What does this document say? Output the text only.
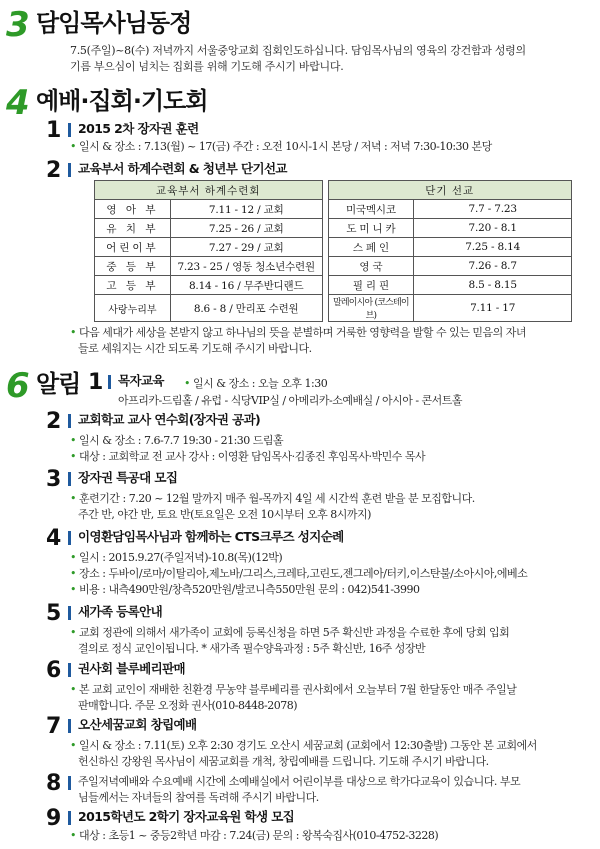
3 담임목사님동정
7.5(주일)~8(수) 저녁까지 서울중앙교회 집회인도하십니다. 담임목사님의 영육의 강건함과 성령의
기름 부으심이 넘치는 집회를 위해 기도해 주시기 바랍니다.
4 예배·집회·기도회
1 2015 2차 장자권 훈련
• 일시 & 장소 : 7.13(월) ~ 17(금) 주간 : 오전 10시-1시 본당 / 저녁 : 저녁 7:30-10:30 본당
2 교육부서 하계수련회 & 청년부 단기선교
교육부서 하계수련회			단기 선교	
영 아 부	7.11 - 12 / 교회		미국멕시코	7.7 - 7.23
유 치 부	7.25 - 26 / 교회		도 미 니 카	7.20 - 8.1
어린이부	7.27 - 29 / 교회		스 페 인	7.25 - 8.14
중 등 부	7.23 - 25 / 영동 청소년수련원		영 국	7.26 - 8.7
고 등 부	8.14 - 16 / 무주반디랜드		필 리 핀	8.5 - 8.15
사랑누리부	8.6 - 8 / 만리포 수련원		말레이시아 (코스테이브)	7.11 - 17
• 다음 세대가 세상을 본받지 않고 하나님의 뜻을 분별하며 거룩한 영향력을 발할 수 있는 믿음의 자녀
들로 세워지는 시간 되도록 기도해 주시기 바랍니다.
6 알림 1 목자교육 • 일시 & 장소 : 오늘 오후 1:30
아프리카-드림홀 / 유럽 - 식당VIP실 / 아메리카-소예배실 / 아시아 - 콘서트홀
2 교회학교 교사 연수회(장자권 공과)
• 일시 & 장소 : 7.6-7.7 19:30 - 21:30 드림홀
• 대상 : 교회학교 전 교사 강사 : 이영환 담임목사·김종진 후임목사·박민수 목사
3 장자권 특공대 모집
• 훈련기간 : 7.20 ~ 12월 말까지 매주 월-목까지 4일 세 시간씩 훈련 받을 분 모집합니다.
주간 반, 야간 반, 토요 반(토요일은 오전 10시부터 오후 8시까지)
4 이영환담임목사님과 함께하는 CTS크루즈 성지순례
• 일시 : 2015.9.27(주일저녁)-10.8(목)(12박)
• 장소 : 두바이/로마/이탈리아,제노바/그리스,크레타,고린도,젠그레아/터키,이스탄불/소아시아,에베소
• 비용 : 내측490만원/창측520만원/발코니측550만원 문의 : 042)541-3990
5 새가족 등록안내
• 교회 정관에 의해서 새가족이 교회에 등록신청을 하면 5주 확신반 과정을 수료한 후에 당회 입회
결의로 정식 교인이됩니다. * 새가족 필수양육과정 : 5주 확신반, 16주 성장반
6 권사회 블루베리판매
• 본 교회 교인이 재배한 친환경 무농약 블루베리를 권사회에서 오늘부터 7월 한달동안 매주 주일날
판매합니다. 주문 오정화 권사(010-8448-2078)
7 오산세꿈교회 창립예배
• 일시 & 장소 : 7.11(토) 오후 2:30 경기도 오산시 세꿈교회 (교회에서 12:30출발) 그동안 본 교회에서
헌신하신 강왕원 목사님이 세꿈교회를 개척, 창립예배를 드립니다. 기도해 주시기 바랍니다.
8 주일저녁예배와 수요예배 시간에 소예배실에서 어린이부를 대상으로 학가다교육이 있습니다. 부모
님들께서는 자녀들의 참여를 독려해 주시기 바랍니다.
9 2015학년도 2학기 장자교육원 학생 모집
• 대상 : 초등1 ~ 중등2학년 마감 : 7.24(금) 문의 : 왕복숙집사(010-4752-3228)
